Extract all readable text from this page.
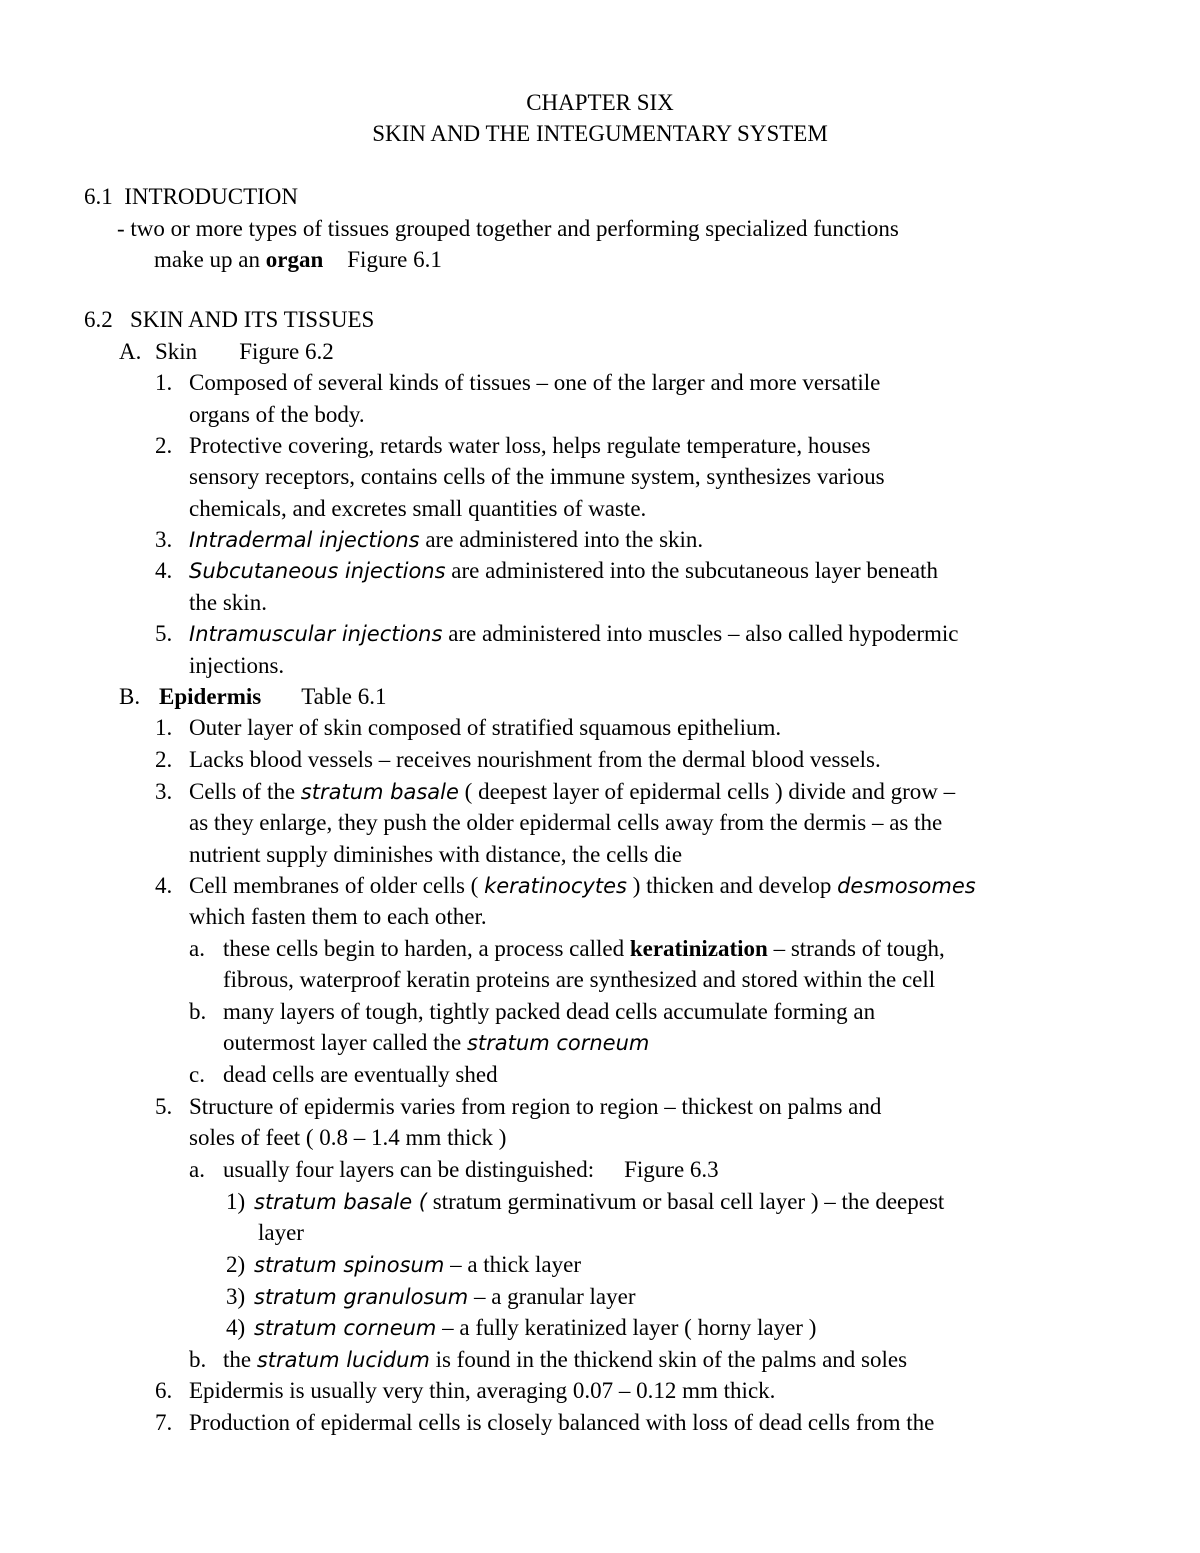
CHAPTER SIX
SKIN AND THE INTEGUMENTARY SYSTEM
6.1 INTRODUCTION
- two or more types of tissues grouped together and performing specialized functions
make up an organ Figure 6.1
6.2 SKIN AND ITS TISSUES
A. Skin Figure 6.2
1. Composed of several kinds of tissues – one of the larger and more versatile
organs of the body.
2. Protective covering, retards water loss, helps regulate temperature, houses
sensory receptors, contains cells of the immune system, synthesizes various
chemicals, and excretes small quantities of waste.
3. Intradermal injections are administered into the skin.
4. Subcutaneous injections are administered into the subcutaneous layer beneath
the skin.
5. Intramuscular injections are administered into muscles – also called hypodermic
injections.
B. Epidermis Table 6.1
1. Outer layer of skin composed of stratified squamous epithelium.
2. Lacks blood vessels – receives nourishment from the dermal blood vessels.
3. Cells of the stratum basale ( deepest layer of epidermal cells ) divide and grow –
as they enlarge, they push the older epidermal cells away from the dermis – as the
nutrient supply diminishes with distance, the cells die
4. Cell membranes of older cells ( keratinocytes ) thicken and develop desmosomes
which fasten them to each other.
a. these cells begin to harden, a process called keratinization – strands of tough,
fibrous, waterproof keratin proteins are synthesized and stored within the cell
b. many layers of tough, tightly packed dead cells accumulate forming an
outermost layer called the stratum corneum
c. dead cells are eventually shed
5. Structure of epidermis varies from region to region – thickest on palms and
soles of feet ( 0.8 – 1.4 mm thick )
a. usually four layers can be distinguished: Figure 6.3
1) stratum basale ( stratum germinativum or basal cell layer ) – the deepest
layer
2) stratum spinosum – a thick layer
3) stratum granulosum – a granular layer
4) stratum corneum – a fully keratinized layer ( horny layer )
b. the stratum lucidum is found in the thickend skin of the palms and soles
6. Epidermis is usually very thin, averaging 0.07 – 0.12 mm thick.
7. Production of epidermal cells is closely balanced with loss of dead cells from the
